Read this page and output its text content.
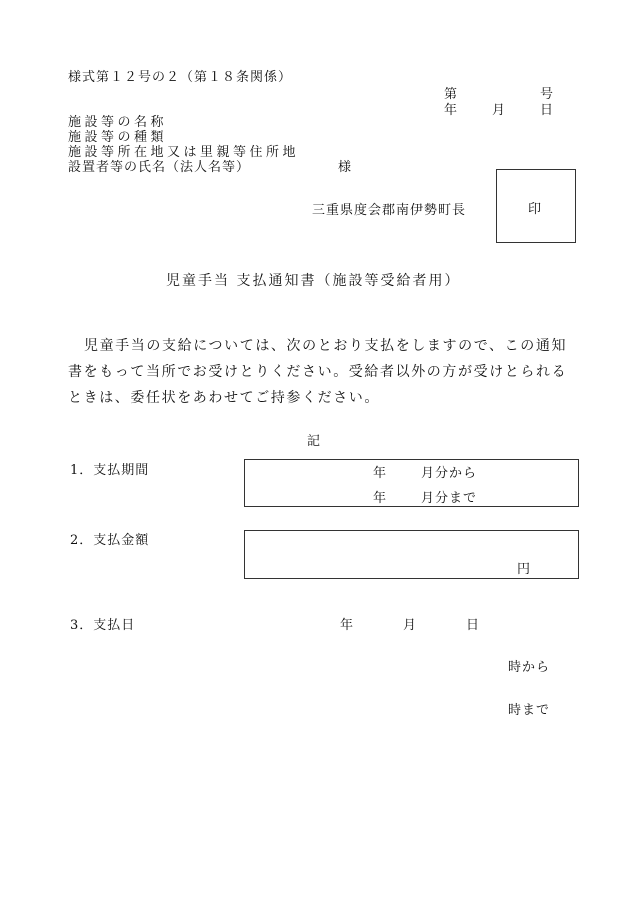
様式第１２号の２（第１８条関係）
第	号
年	月	日
施設等の名称
施設等の種類
施設等所在地又は里親等住所地
設置者等の氏名（法人名等）	様
三重県度会郡南伊勢町長	印
児童手当 支払通知書（施設等受給者用）
児童手当の支給については、次のとおり支払をしますので、この通知書をもって当所でお受けとりください。受給者以外の方が受けとられるときは、委任状をあわせてご持参ください。
記
1．支払期間	年	月分から
年	月分まで
2．支払金額
円
3．支払日	年	月	日
時から
時まで
